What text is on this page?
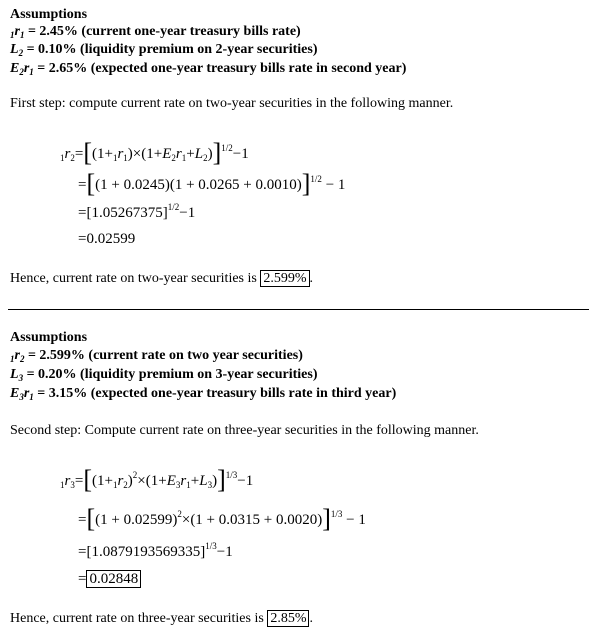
Assumptions
$_1r_1 = 2.45\%$ (current one-year treasury bills rate)
$L_2 = 0.10\%$ (liquidity premium on 2-year securities)
$E_2r_1 = 2.65\%$ (expected one-year treasury bills rate in second year)
First step: compute current rate on two-year securities in the following manner.
$_1r_2=[(1+_1r_1)\times(1+E_2r_1+L_2)]^{1/2}-1$
$=[(1 + 0.0245)(1 + 0.0265 + 0.0010)]^{1/2} - 1$
$=[1.05267375]^{1/2}-1$
=0.02599
Hence, current rate on two-year securities is 2.599% .
Assumptions
$_1r_2 = 2.599\%$ (current rate on two year securities)
$L_3 = 0.20\%$ (liquidity premium on 3-year securities)
$E_3r_1 = 3.15\%$ (expected one-year treasury bills rate in third year)
Second step: Compute current rate on three-year securities in the following manner.
$_1r_3=[(1+_1r_2)^2\times(1+E_3r_1+L_3)]^{1/3}-1$
$=[(1 + 0.02599)^2\times(1 + 0.0315 + 0.0020)]^{1/3} - 1$
$=[1.0879193569335]^{1/3}-1$
= 0.02848
Hence, current rate on three-year securities is 2.85% .
